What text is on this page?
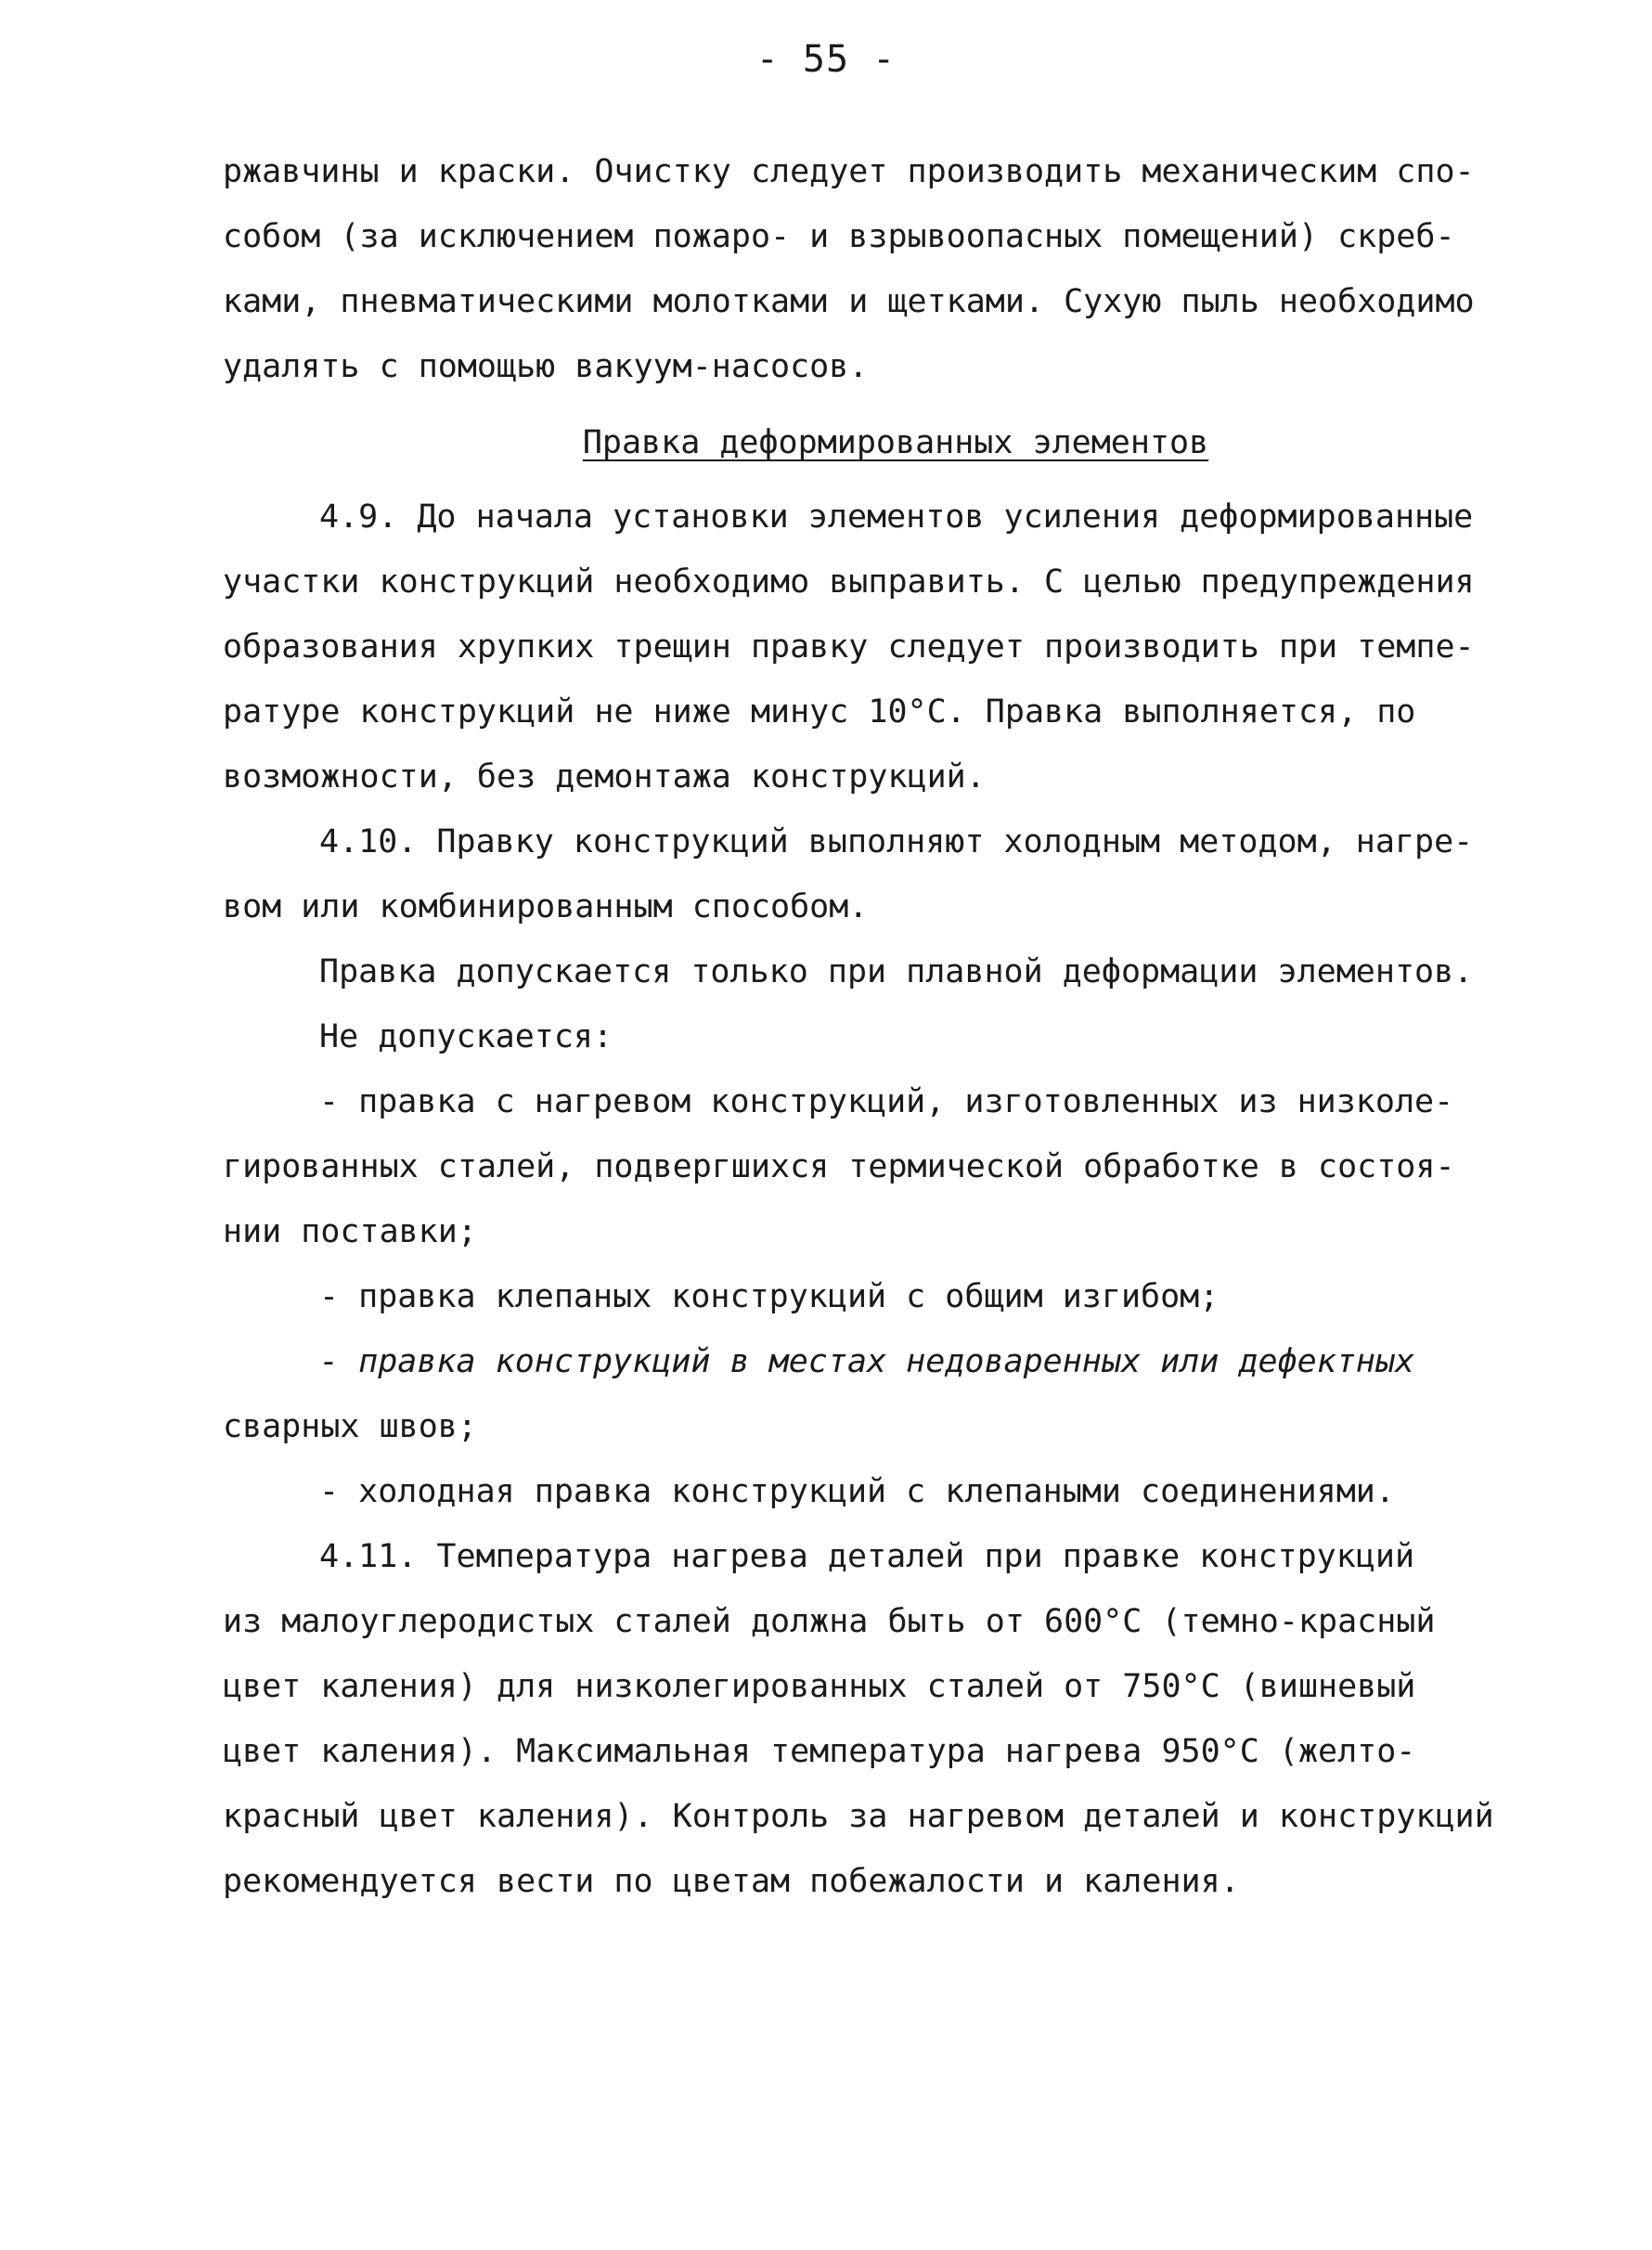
- 55 -
ржавчины и краски. Очистку следует производить механическим спо-
собом (за исключением пожаро- и взрывоопасных помещений) скреб-
ками, пневматическими молотками и щетками. Сухую пыль необходимо
удалять с помощью вакуум-насосов.
Правка деформированных элементов
4.9. До начала установки элементов усиления деформированные
участки конструкций необходимо выправить. С целью предупреждения
образования хрупких трещин правку следует производить при темпе-
ратуре конструкций не ниже минус 10°С. Правка выполняется, по
возможности, без демонтажа конструкций.
4.10. Правку конструкций выполняют холодным методом, нагре-
вом или комбинированным способом.
Правка допускается только при плавной деформации элементов.
Не допускается:
- правка с нагревом конструкций, изготовленных из низколе-
гированных сталей, подвергшихся термической обработке в состоя-
нии поставки;
- правка клепаных конструкций с общим изгибом;
- правка конструкций в местах недоваренных или дефектных
сварных швов;
- холодная правка конструкций с клепаными соединениями.
4.11. Температура нагрева деталей при правке конструкций
из малоуглеродистых сталей должна быть от 600°С (темно-красный
цвет каления) для низколегированных сталей от 750°С (вишневый
цвет каления). Максимальная температура нагрева 950°С (желто-
красный цвет каления). Контроль за нагревом деталей и конструкций
рекомендуется вести по цветам побежалости и каления.
